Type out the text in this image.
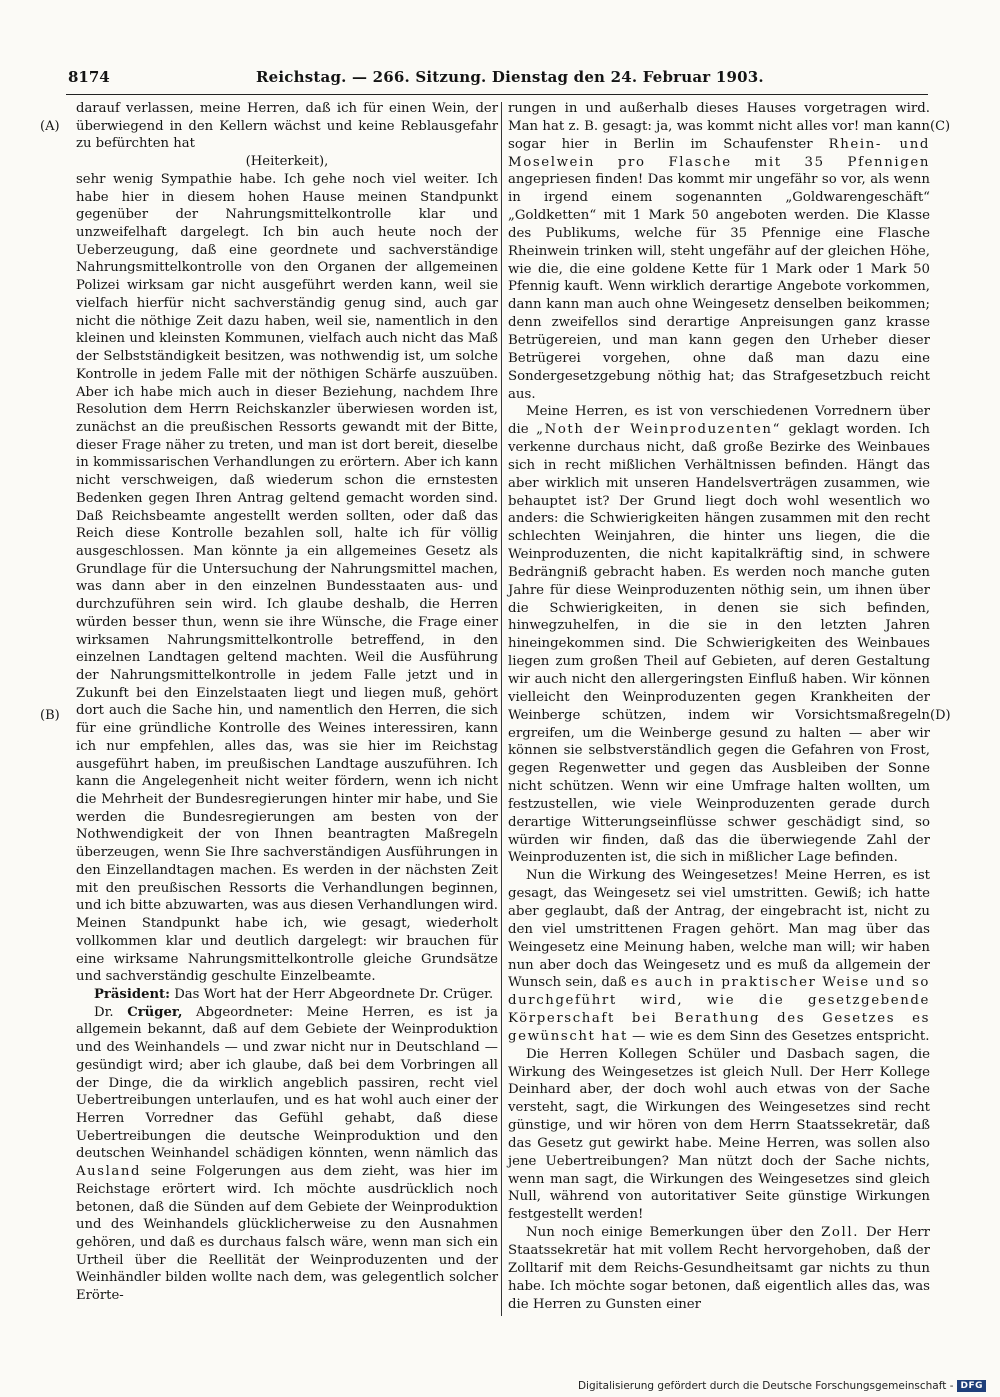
8174	Reichstag. — 266. Sitzung. Dienstag den 24. Februar 1903.
(A)
(B)
(C)
(D)

darauf verlassen, meine Herren, daß ich für einen Wein, der überwiegend in den Kellern wächst und keine Reblausgefahr zu befürchten hat

(Heiterkeit),

sehr wenig Sympathie habe. Ich gehe noch viel weiter. Ich habe hier in diesem hohen Hause meinen Standpunkt gegenüber der Nahrungsmittelkontrolle klar und unzweifelhaft dargelegt. Ich bin auch heute noch der Ueberzeugung, daß eine geordnete und sachverständige Nahrungsmittelkontrolle von den Organen der allgemeinen Polizei wirksam gar nicht ausgeführt werden kann, weil sie vielfach hierfür nicht sachverständig genug sind, auch gar nicht die nöthige Zeit dazu haben, weil sie, namentlich in den kleinen und kleinsten Kommunen, vielfach auch nicht das Maß der Selbstständigkeit besitzen, was nothwendig ist, um solche Kontrolle in jedem Falle mit der nöthigen Schärfe auszuüben. Aber ich habe mich auch in dieser Beziehung, nachdem Ihre Resolution dem Herrn Reichskanzler überwiesen worden ist, zunächst an die preußischen Ressorts gewandt mit der Bitte, dieser Frage näher zu treten, und man ist dort bereit, dieselbe in kommissarischen Verhandlungen zu erörtern. Aber ich kann nicht verschweigen, daß wiederum schon die ernstesten Bedenken gegen Ihren Antrag geltend gemacht worden sind. Daß Reichsbeamte angestellt werden sollten, oder daß das Reich diese Kontrolle bezahlen soll, halte ich für völlig ausgeschlossen. Man könnte ja ein allgemeines Gesetz als Grundlage für die Untersuchung der Nahrungsmittel machen, was dann aber in den einzelnen Bundesstaaten aus- und durchzuführen sein wird. Ich glaube deshalb, die Herren würden besser thun, wenn sie ihre Wünsche, die Frage einer wirksamen Nahrungsmittelkontrolle betreffend, in den einzelnen Landtagen geltend machten. Weil die Ausführung der Nahrungsmittelkontrolle in jedem Falle jetzt und in Zukunft bei den Einzelstaaten liegt und liegen muß, gehört dort auch die Sache hin, und namentlich den Herren, die sich für eine gründliche Kontrolle des Weines interessiren, kann ich nur empfehlen, alles das, was sie hier im Reichstag ausgeführt haben, im preußischen Landtage auszuführen. Ich kann die Angelegenheit nicht weiter fördern, wenn ich nicht die Mehrheit der Bundesregierungen hinter mir habe, und Sie werden die Bundesregierungen am besten von der Nothwendigkeit der von Ihnen beantragten Maßregeln überzeugen, wenn Sie Ihre sachverständigen Ausführungen in den Einzellandtagen machen. Es werden in der nächsten Zeit mit den preußischen Ressorts die Verhandlungen beginnen, und ich bitte abzuwarten, was aus diesen Verhandlungen wird. Meinen Standpunkt habe ich, wie gesagt, wiederholt vollkommen klar und deutlich dargelegt: wir brauchen für eine wirksame Nahrungsmittelkontrolle gleiche Grundsätze und sachverständig geschulte Einzelbeamte.

Präsident: Das Wort hat der Herr Abgeordnete Dr. Crüger.

Dr. Crüger, Abgeordneter: Meine Herren, es ist ja allgemein bekannt, daß auf dem Gebiete der Weinproduktion und des Weinhandels — und zwar nicht nur in Deutschland — gesündigt wird; aber ich glaube, daß bei dem Vorbringen all der Dinge, die da wirklich angeblich passiren, recht viel Uebertreibungen unterlaufen, und es hat wohl auch einer der Herren Vorredner das Gefühl gehabt, daß diese Uebertreibungen die deutsche Weinproduktion und den deutschen Weinhandel schädigen könnten, wenn nämlich das Ausland seine Folgerungen aus dem zieht, was hier im Reichstage erörtert wird. Ich möchte ausdrücklich noch betonen, daß die Sünden auf dem Gebiete der Weinproduktion und des Weinhandels glücklicherweise zu den Ausnahmen gehören, und daß es durchaus falsch wäre, wenn man sich ein Urtheil über die Reellität der Weinproduzenten und der Weinhändler bilden wollte nach dem, was gelegentlich solcher Erörte-

rungen in und außerhalb dieses Hauses vorgetragen wird. Man hat z. B. gesagt: ja, was kommt nicht alles vor! man kann sogar hier in Berlin im Schaufenster Rhein- und Moselwein pro Flasche mit 35 Pfennigen angepriesen finden! Das kommt mir ungefähr so vor, als wenn in irgend einem sogenannten „Goldwarengeschäft“ „Goldketten“ mit 1 Mark 50 angeboten werden. Die Klasse des Publikums, welche für 35 Pfennige eine Flasche Rheinwein trinken will, steht ungefähr auf der gleichen Höhe, wie die, die eine goldene Kette für 1 Mark oder 1 Mark 50 Pfennig kauft. Wenn wirklich derartige Angebote vorkommen, dann kann man auch ohne Weingesetz denselben beikommen; denn zweifellos sind derartige Anpreisungen ganz krasse Betrügereien, und man kann gegen den Urheber dieser Betrügerei vorgehen, ohne daß man dazu eine Sondergesetzgebung nöthig hat; das Strafgesetzbuch reicht aus.

Meine Herren, es ist von verschiedenen Vorrednern über die „Noth der Weinproduzenten“ geklagt worden. Ich verkenne durchaus nicht, daß große Bezirke des Weinbaues sich in recht mißlichen Verhältnissen befinden. Hängt das aber wirklich mit unseren Handelsverträgen zusammen, wie behauptet ist? Der Grund liegt doch wohl wesentlich wo anders: die Schwierigkeiten hängen zusammen mit den recht schlechten Weinjahren, die hinter uns liegen, die die Weinproduzenten, die nicht kapitalkräftig sind, in schwere Bedrängniß gebracht haben. Es werden noch manche guten Jahre für diese Weinproduzenten nöthig sein, um ihnen über die Schwierigkeiten, in denen sie sich befinden, hinwegzuhelfen, in die sie in den letzten Jahren hineingekommen sind. Die Schwierigkeiten des Weinbaues liegen zum großen Theil auf Gebieten, auf deren Gestaltung wir auch nicht den allergeringsten Einfluß haben. Wir können vielleicht den Weinproduzenten gegen Krankheiten der Weinberge schützen, indem wir Vorsichtsmaßregeln ergreifen, um die Weinberge gesund zu halten — aber wir können sie selbstverständlich gegen die Gefahren von Frost, gegen Regenwetter und gegen das Ausbleiben der Sonne nicht schützen. Wenn wir eine Umfrage halten wollten, um festzustellen, wie viele Weinproduzenten gerade durch derartige Witterungseinflüsse schwer geschädigt sind, so würden wir finden, daß das die überwiegende Zahl der Weinproduzenten ist, die sich in mißlicher Lage befinden.

Nun die Wirkung des Weingesetzes! Meine Herren, es ist gesagt, das Weingesetz sei viel umstritten. Gewiß; ich hatte aber geglaubt, daß der Antrag, der eingebracht ist, nicht zu den viel umstrittenen Fragen gehört. Man mag über das Weingesetz eine Meinung haben, welche man will; wir haben nun aber doch das Weingesetz und es muß da allgemein der Wunsch sein, daß es auch in praktischer Weise und so durchgeführt wird, wie die gesetzgebende Körperschaft bei Berathung des Gesetzes es gewünscht hat — wie es dem Sinn des Gesetzes entspricht.

Die Herren Kollegen Schüler und Dasbach sagen, die Wirkung des Weingesetzes ist gleich Null. Der Herr Kollege Deinhard aber, der doch wohl auch etwas von der Sache versteht, sagt, die Wirkungen des Weingesetzes sind recht günstige, und wir hören von dem Herrn Staatssekretär, daß das Gesetz gut gewirkt habe. Meine Herren, was sollen also jene Uebertreibungen? Man nützt doch der Sache nichts, wenn man sagt, die Wirkungen des Weingesetzes sind gleich Null, während von autoritativer Seite günstige Wirkungen festgestellt werden!

Nun noch einige Bemerkungen über den Zoll. Der Herr Staatssekretär hat mit vollem Recht hervorgehoben, daß der Zolltarif mit dem Reichs-Gesundheitsamt gar nichts zu thun habe. Ich möchte sogar betonen, daß eigentlich alles das, was die Herren zu Gunsten einer

Digitalisierung gefördert durch die Deutsche Forschungsgemeinschaft - DFG
